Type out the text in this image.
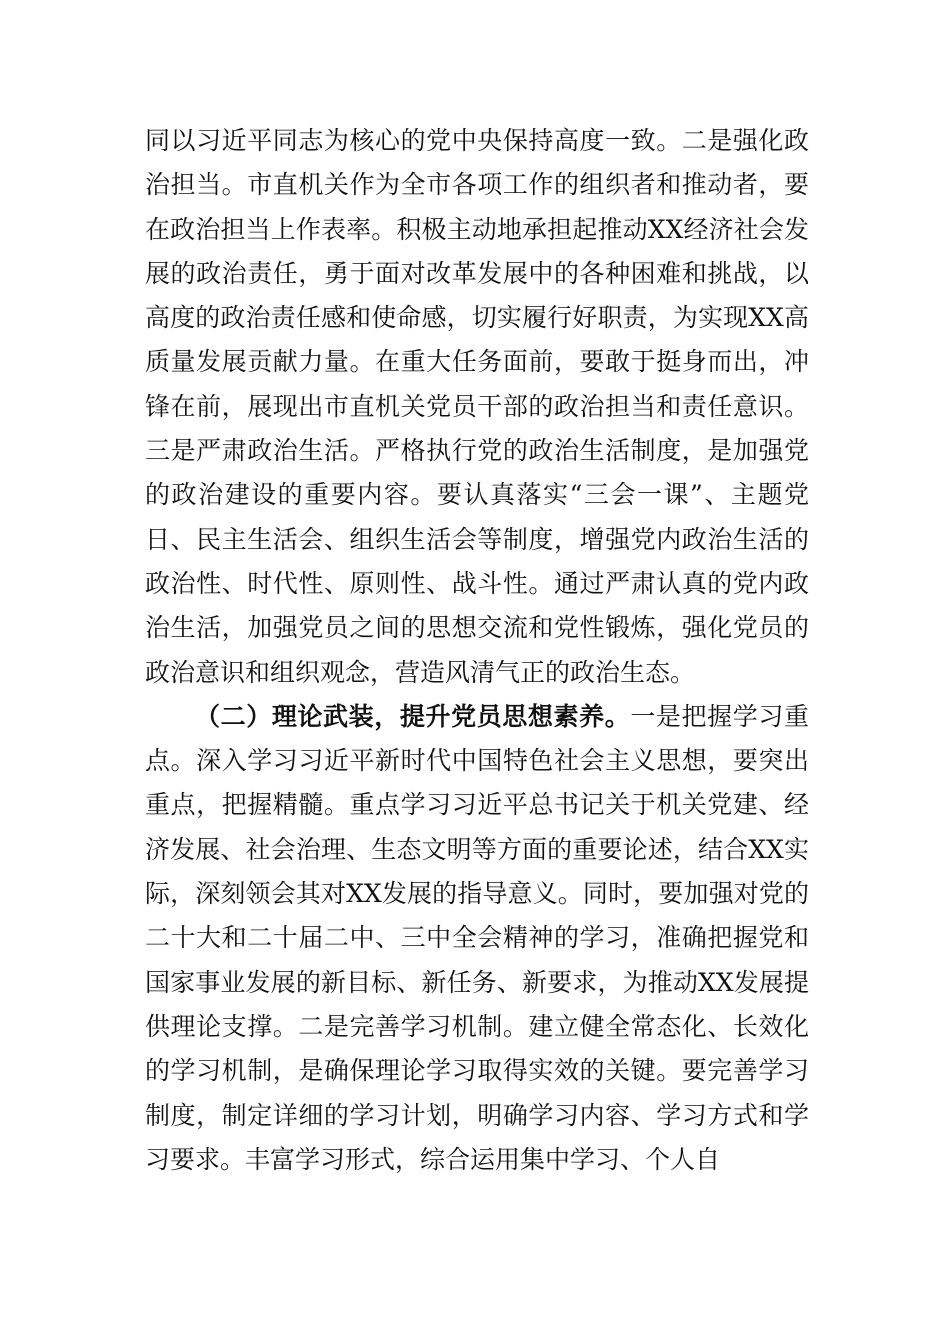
同以习近平同志为核心的党中央保持高度一致。二是强化政治担当。市直机关作为全市各项工作的组织者和推动者，要在政治担当上作表率。积极主动地承担起推动XX经济社会发展的政治责任，勇于面对改革发展中的各种困难和挑战，以高度的政治责任感和使命感，切实履行好职责，为实现XX高质量发展贡献力量。在重大任务面前，要敢于挺身而出，冲锋在前，展现出市直机关党员干部的政治担当和责任意识。三是严肃政治生活。严格执行党的政治生活制度，是加强党的政治建设的重要内容。要认真落实“三会一课”、主题党日、民主生活会、组织生活会等制度，增强党内政治生活的政治性、时代性、原则性、战斗性。通过严肃认真的党内政治生活，加强党员之间的思想交流和党性锻炼，强化党员的政治意识和组织观念，营造风清气正的政治生态。

（二）理论武装，提升党员思想素养。一是把握学习重点。深入学习习近平新时代中国特色社会主义思想，要突出重点，把握精髓。重点学习习近平总书记关于机关党建、经济发展、社会治理、生态文明等方面的重要论述，结合XX实际，深刻领会其对XX发展的指导意义。同时，要加强对党的二十大和二十届二中、三中全会精神的学习，准确把握党和国家事业发展的新目标、新任务、新要求，为推动XX发展提供理论支撑。二是完善学习机制。建立健全常态化、长效化的学习机制，是确保理论学习取得实效的关键。要完善学习制度，制定详细的学习计划，明确学习内容、学习方式和学习要求。丰富学习形式，综合运用集中学习、个人自
